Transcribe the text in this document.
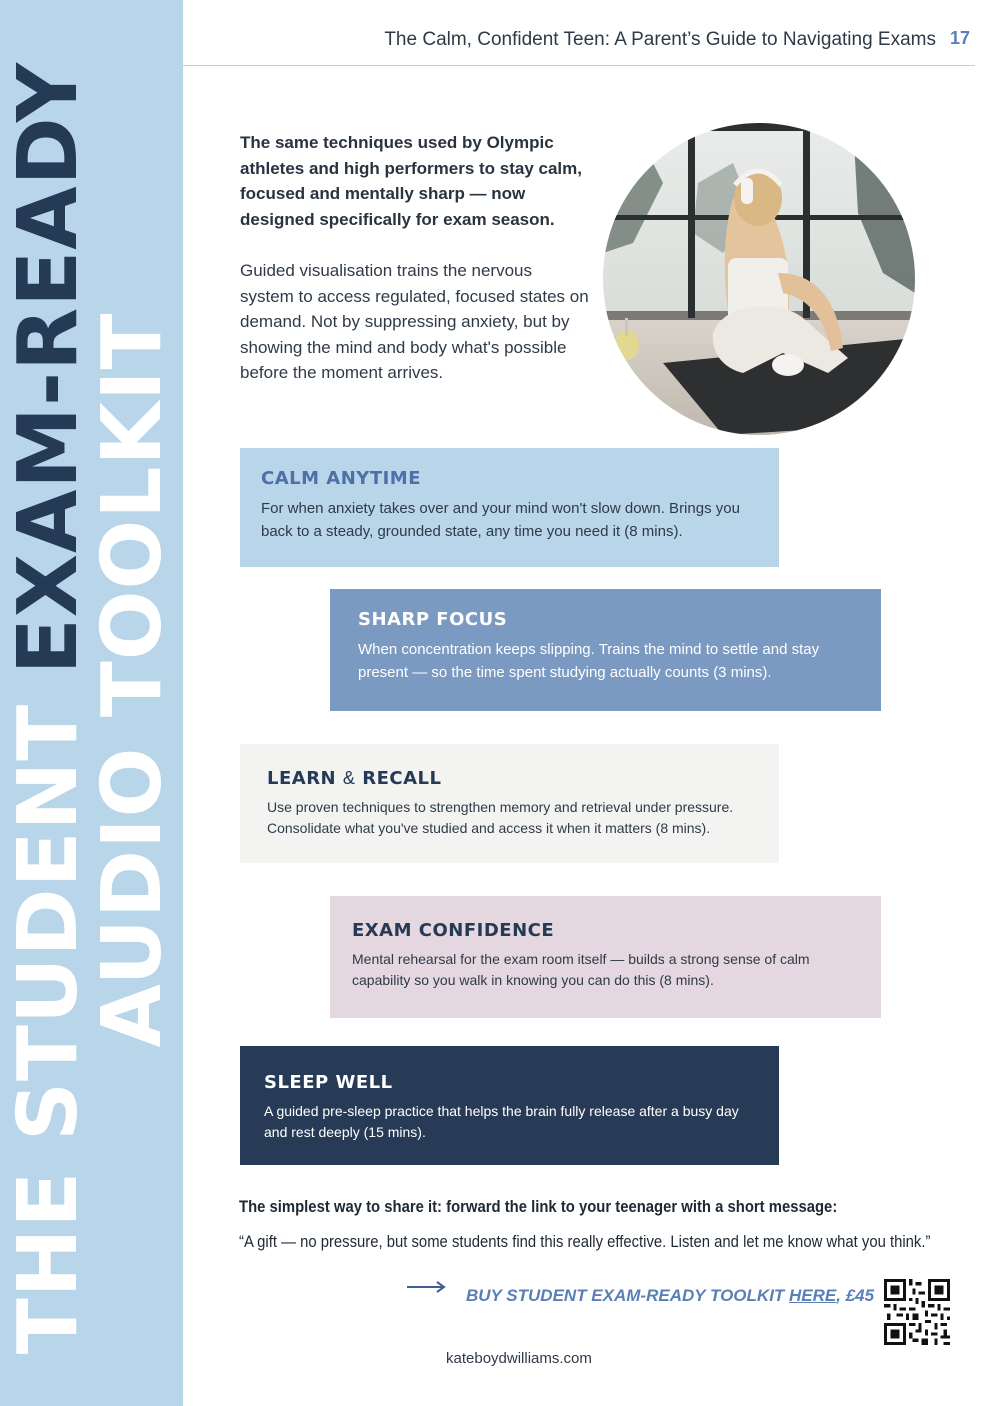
THE STUDENT EXAM-READY
AUDIO TOOLKIT
The Calm, Confident Teen: A Parent’s Guide to Navigating Exams 17
The same techniques used by Olympic athletes and high performers to stay calm, focused and mentally sharp — now designed specifically for exam season.
Guided visualisation trains the nervous system to access regulated, focused states on demand. Not by suppressing anxiety, but by showing the mind and body what's possible before the moment arrives.
CALM ANYTIME
For when anxiety takes over and your mind won't slow down. Brings you back to a steady, grounded state, any time you need it (8 mins).
SHARP FOCUS
When concentration keeps slipping. Trains the mind to settle and stay present — so the time spent studying actually counts (3 mins).
LEARN & RECALL
Use proven techniques to strengthen memory and retrieval under pressure. Consolidate what you've studied and access it when it matters (8 mins).
EXAM CONFIDENCE
Mental rehearsal for the exam room itself — builds a strong sense of calm capability so you walk in knowing you can do this (8 mins).
SLEEP WELL
A guided pre-sleep practice that helps the brain fully release after a busy day and rest deeply (15 mins).
The simplest way to share it: forward the link to your teenager with a short message:
“A gift — no pressure, but some students find this really effective. Listen and let me know what you think.”
BUY STUDENT EXAM-READY TOOLKIT HERE, £45
kateboydwilliams.com
